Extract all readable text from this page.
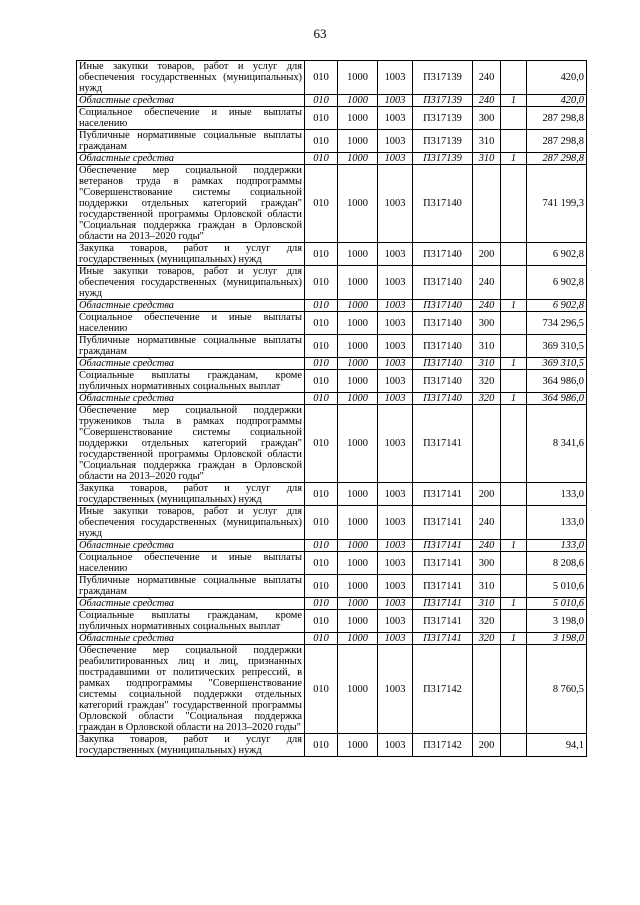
63
Иные закупки товаров, работ и услуг для обеспечения государственных (муниципальных) нужд	010	1000	1003	П317139	240		420,0
Областные средства	010	1000	1003	П317139	240	1	420,0
Социальное обеспечение и иные выплаты населению	010	1000	1003	П317139	300		287 298,8
Публичные нормативные социальные выплаты гражданам	010	1000	1003	П317139	310		287 298,8
Областные средства	010	1000	1003	П317139	310	1	287 298,8
Обеспечение мер социальной поддержки ветеранов труда в рамках подпрограммы "Совершенствование системы социальной поддержки отдельных категорий граждан" государственной программы Орловской области "Социальная поддержка граждан в Орловской области на 2013–2020 годы"	010	1000	1003	П317140			741 199,3
Закупка товаров, работ и услуг для государственных (муниципальных) нужд	010	1000	1003	П317140	200		6 902,8
Иные закупки товаров, работ и услуг для обеспечения государственных (муниципальных) нужд	010	1000	1003	П317140	240		6 902,8
Областные средства	010	1000	1003	П317140	240	1	6 902,8
Социальное обеспечение и иные выплаты населению	010	1000	1003	П317140	300		734 296,5
Публичные нормативные социальные выплаты гражданам	010	1000	1003	П317140	310		369 310,5
Областные средства	010	1000	1003	П317140	310	1	369 310,5
Социальные выплаты гражданам, кроме публичных нормативных социальных выплат	010	1000	1003	П317140	320		364 986,0
Областные средства	010	1000	1003	П317140	320	1	364 986,0
Обеспечение мер социальной поддержки тружеников тыла в рамках подпрограммы "Совершенствование системы социальной поддержки отдельных категорий граждан" государственной программы Орловской области "Социальная поддержка граждан в Орловской области на 2013–2020 годы"	010	1000	1003	П317141			8 341,6
Закупка товаров, работ и услуг для государственных (муниципальных) нужд	010	1000	1003	П317141	200		133,0
Иные закупки товаров, работ и услуг для обеспечения государственных (муниципальных) нужд	010	1000	1003	П317141	240		133,0
Областные средства	010	1000	1003	П317141	240	1	133,0
Социальное обеспечение и иные выплаты населению	010	1000	1003	П317141	300		8 208,6
Публичные нормативные социальные выплаты гражданам	010	1000	1003	П317141	310		5 010,6
Областные средства	010	1000	1003	П317141	310	1	5 010,6
Социальные выплаты гражданам, кроме публичных нормативных социальных выплат	010	1000	1003	П317141	320		3 198,0
Областные средства	010	1000	1003	П317141	320	1	3 198,0
Обеспечение мер социальной поддержки реабилитированных лиц и лиц, признанных пострадавшими от политических репрессий, в рамках подпрограммы "Совершенствование системы социальной поддержки отдельных категорий граждан" государственной программы Орловской области "Социальная поддержка граждан в Орловской области на 2013–2020 годы"	010	1000	1003	П317142			8 760,5
Закупка товаров, работ и услуг для государственных (муниципальных) нужд	010	1000	1003	П317142	200		94,1
